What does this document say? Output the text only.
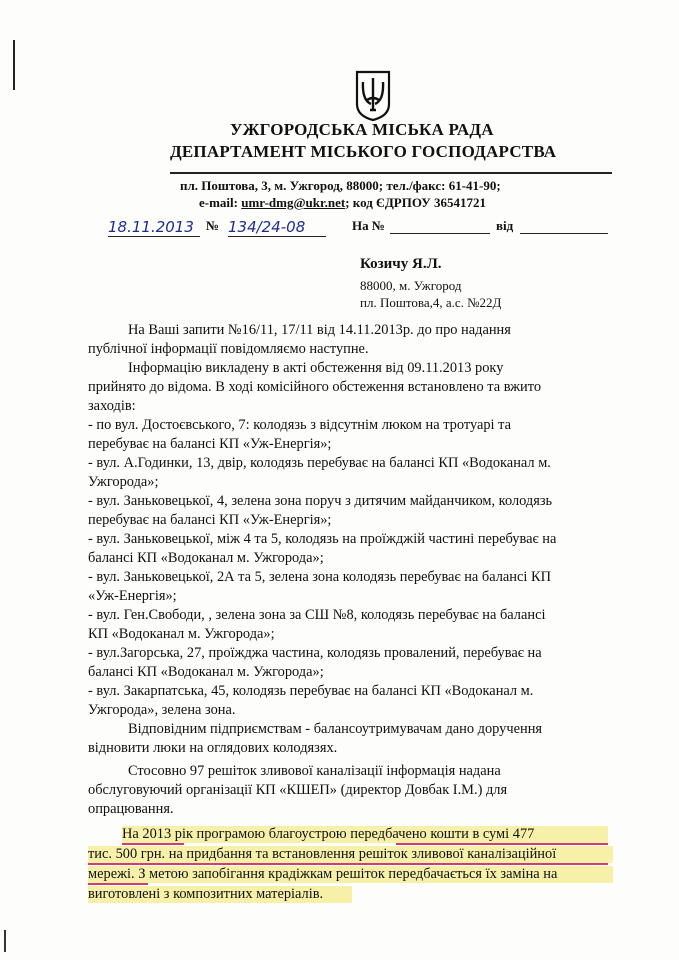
УЖГОРОДСЬКА МІСЬКА РАДА
ДЕПАРТАМЕНТ МІСЬКОГО ГОСПОДАРСТВА
пл. Поштова, 3, м. Ужгород, 88000; тел./факс: 61-41-90;
e-mail: umr-dmg@ukr.net; код ЄДРПОУ 36541721
18.11.2013 № 134/24-08	На №	від
Козичу Я.Л.
88000, м. Ужгород
пл. Поштова,4, а.с. №22Д
На Ваші запити №16/11, 17/11 від 14.11.2013р. до про надання
публічної інформації повідомляємо наступне.
Інформацію викладену в акті обстеження від 09.11.2013 року
прийнято до відома. В ході комісійного обстеження встановлено та вжито
заходів:
- по вул. Достоєвського, 7: колодязь з відсутнім люком на тротуарі та
перебуває на балансі КП «Уж-Енергія»;
- вул. А.Годинки, 13, двір, колодязь перебуває на балансі КП «Водоканал м.
Ужгорода»;
- вул. Заньковецької, 4, зелена зона поруч з дитячим майданчиком, колодязь
перебуває на балансі КП «Уж-Енергія»;
- вул. Заньковецької, між 4 та 5, колодязь на проїжджій частині перебуває на
балансі КП «Водоканал м. Ужгорода»;
- вул. Заньковецької, 2А та 5, зелена зона колодязь перебуває на балансі КП
«Уж-Енергія»;
- вул. Ген.Свободи, , зелена зона за СШ №8, колодязь перебуває на балансі
КП «Водоканал м. Ужгорода»;
- вул.Загорська, 27, проїжджа частина, колодязь провалений, перебуває на
балансі КП «Водоканал м. Ужгорода»;
- вул. Закарпатська, 45, колодязь перебуває на балансі КП «Водоканал м.
Ужгорода», зелена зона.
Відповідним підприємствам - балансоутримувачам дано доручення
відновити люки на оглядових колодязях.
Стосовно 97 решіток зливової каналізації інформація надана
обслуговуючий організації КП «КШЕП» (директор Довбак І.М.) для
опрацювання.
На 2013 рік програмою благоустрою передбачено кошти в сумі 477
тис. 500 грн. на придбання та встановлення решіток зливової каналізаційної
мережі. З метою запобігання крадіжкам решіток передбачається їх заміна на
виготовлені з композитних матеріалів.
